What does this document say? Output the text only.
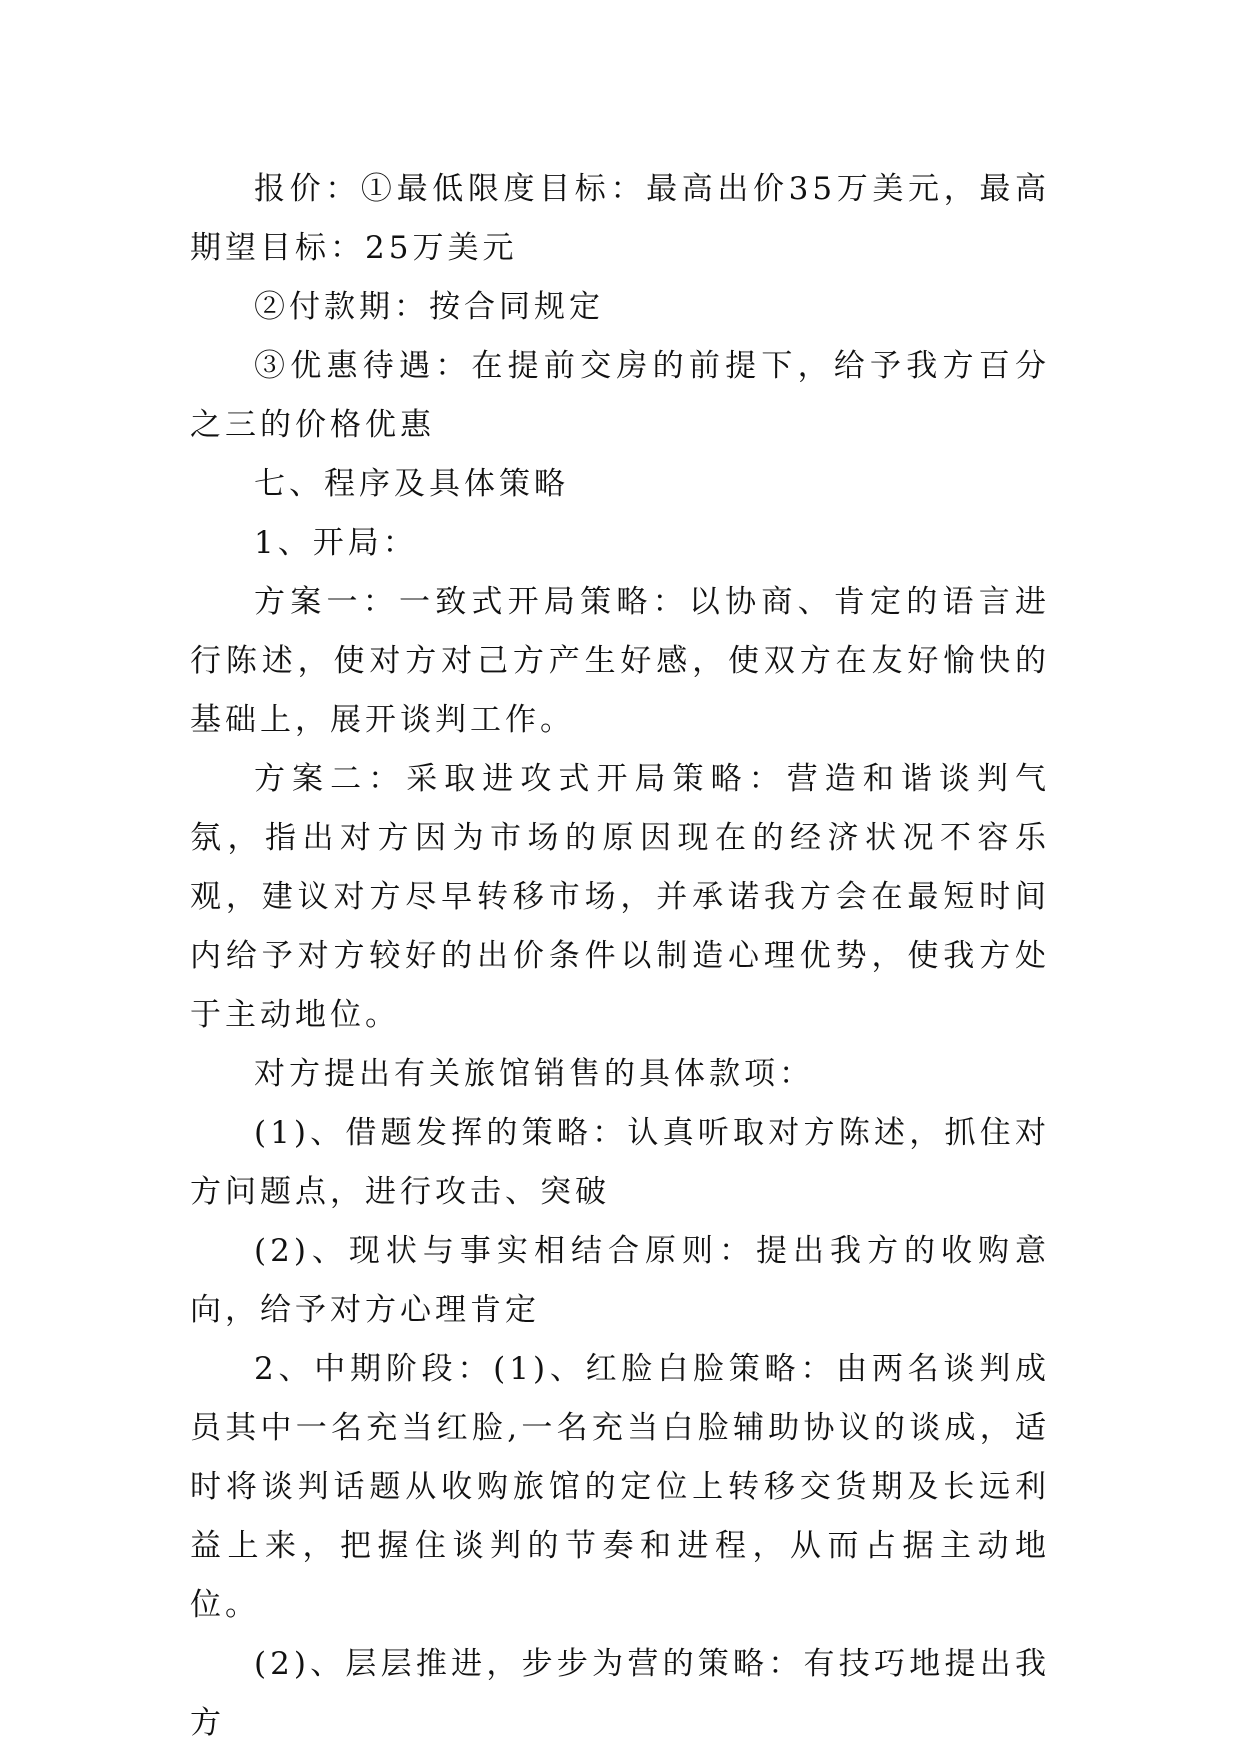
报价：①最低限度目标：最高出价35万美元，最高期望目标：25万美元

②付款期：按合同规定

③优惠待遇：在提前交房的前提下，给予我方百分之三的价格优惠

七、程序及具体策略

1、开局：

方案一：一致式开局策略：以协商、肯定的语言进行陈述，使对方对己方产生好感，使双方在友好愉快的基础上，展开谈判工作。

方案二：采取进攻式开局策略：营造和谐谈判气氛，指出对方因为市场的原因现在的经济状况不容乐观，建议对方尽早转移市场，并承诺我方会在最短时间内给予对方较好的出价条件以制造心理优势，使我方处于主动地位。

对方提出有关旅馆销售的具体款项：

(1)、借题发挥的策略：认真听取对方陈述，抓住对方问题点，进行攻击、突破

(2)、现状与事实相结合原则：提出我方的收购意向，给予对方心理肯定

2、中期阶段：(1)、红脸白脸策略：由两名谈判成员其中一名充当红脸,一名充当白脸辅助协议的谈成，适时将谈判话题从收购旅馆的定位上转移交货期及长远利益上来，把握住谈判的节奏和进程，从而占据主动地位。

(2)、层层推进，步步为营的策略：有技巧地提出我方
